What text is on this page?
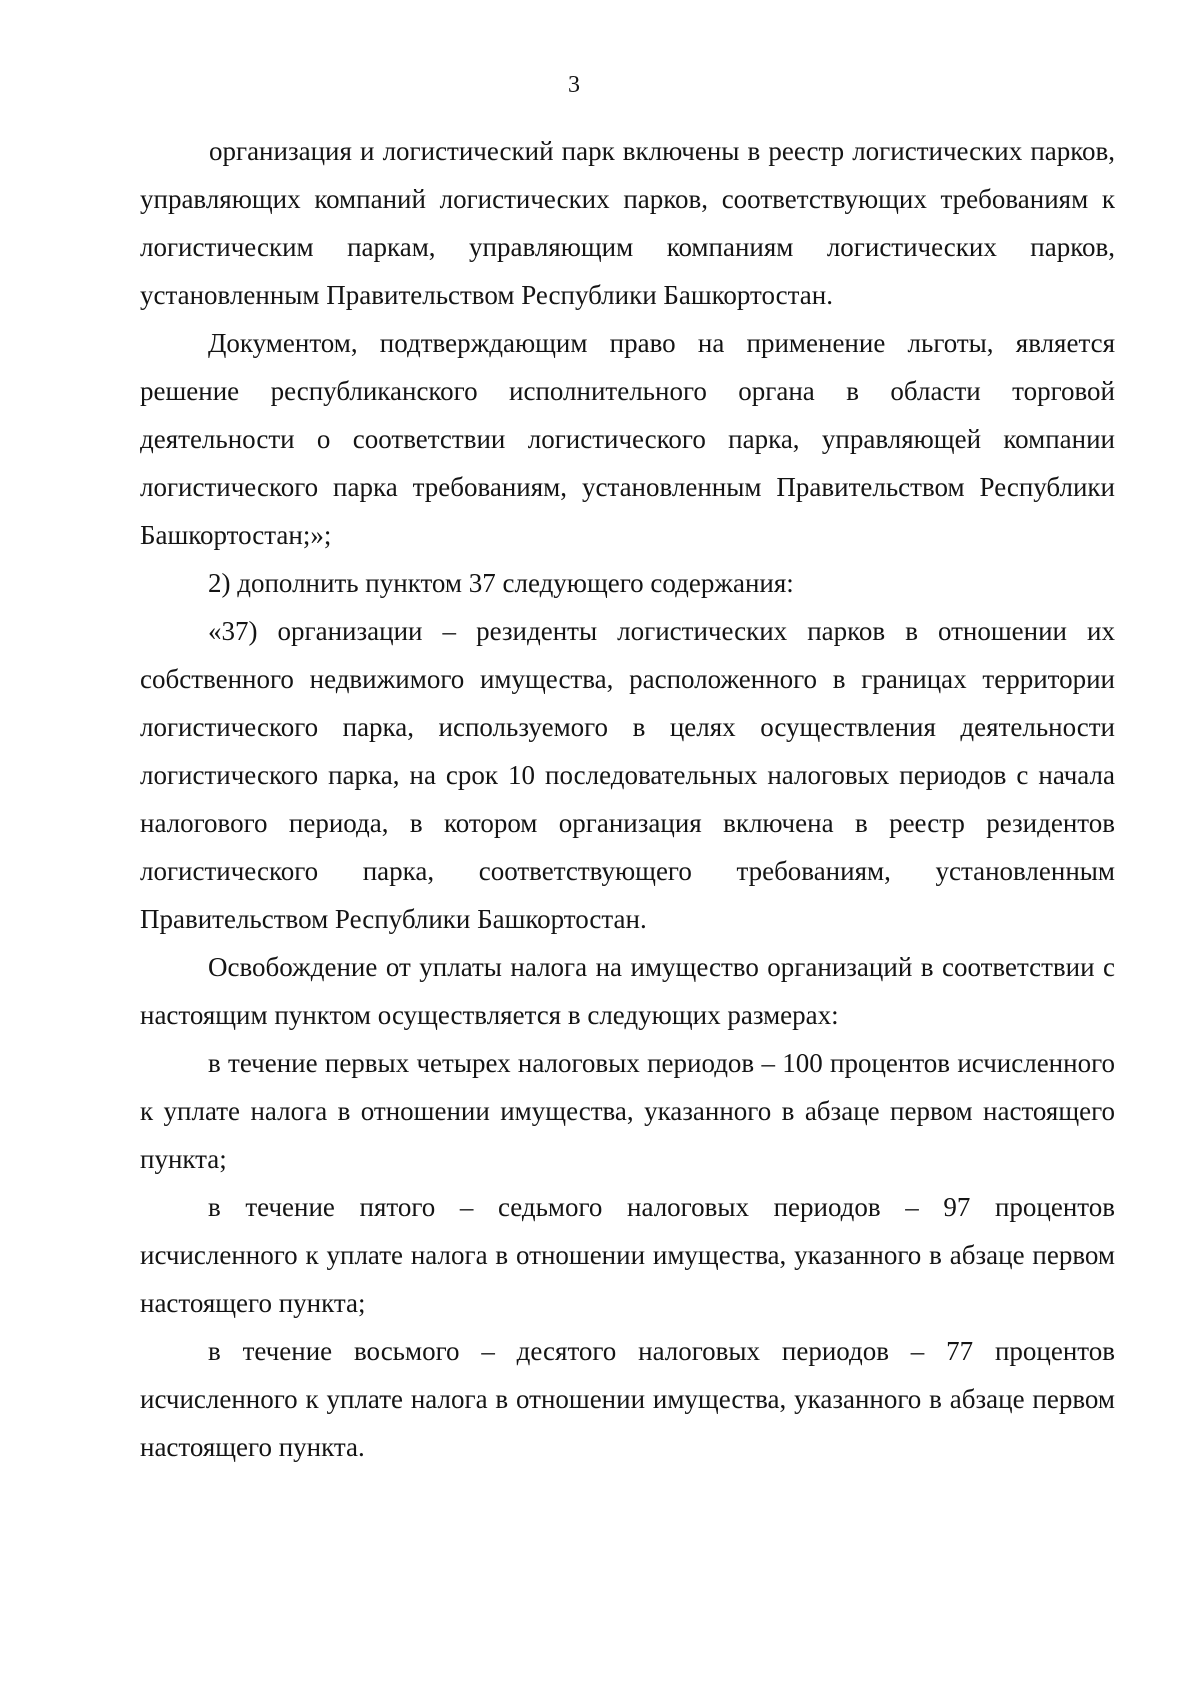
3

организация и логистический парк включены в реестр логистических парков, управляющих компаний логистических парков, соответствующих требованиям к логистическим паркам, управляющим компаниям логистических парков, установленным Правительством Республики Башкортостан.

Документом, подтверждающим право на применение льготы, является решение республиканского исполнительного органа в области торговой деятельности о соответствии логистического парка, управляющей компании логистического парка требованиям, установленным Правительством Республики Башкортостан;»;

2) дополнить пунктом 37 следующего содержания:

«37) организации – резиденты логистических парков в отношении их собственного недвижимого имущества, расположенного в границах территории логистического парка, используемого в целях осуществления деятельности логистического парка, на срок 10 последовательных налоговых периодов с начала налогового периода, в котором организация включена в реестр резидентов логистического парка, соответствующего требованиям, установленным Правительством Республики Башкортостан.

Освобождение от уплаты налога на имущество организаций в соответствии с настоящим пунктом осуществляется в следующих размерах:

в течение первых четырех налоговых периодов – 100 процентов исчисленного к уплате налога в отношении имущества, указанного в абзаце первом настоящего пункта;

в течение пятого – седьмого налоговых периодов – 97 процентов исчисленного к уплате налога в отношении имущества, указанного в абзаце первом настоящего пункта;

в течение восьмого – десятого налоговых периодов – 77 процентов исчисленного к уплате налога в отношении имущества, указанного в абзаце первом настоящего пункта.
